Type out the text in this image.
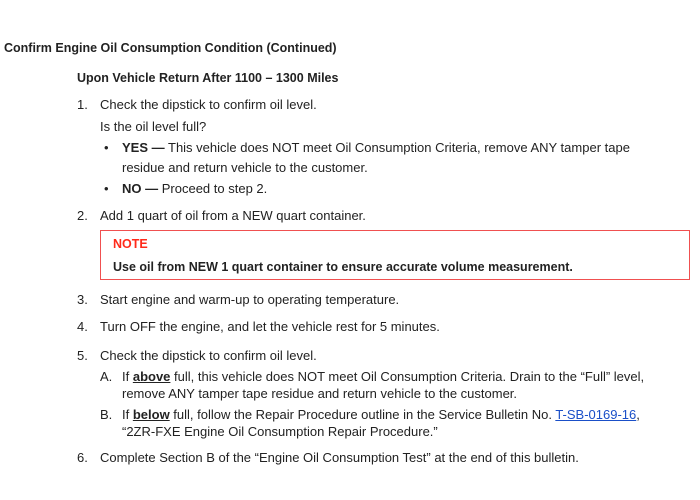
Confirm Engine Oil Consumption Condition (Continued)
Upon Vehicle Return After 1100 – 1300 Miles
1. Check the dipstick to confirm oil level.
Is the oil level full?
• YES — This vehicle does NOT meet Oil Consumption Criteria, remove ANY tamper tape
residue and return vehicle to the customer.
• NO — Proceed to step 2.
2. Add 1 quart of oil from a NEW quart container.
NOTE
Use oil from NEW 1 quart container to ensure accurate volume measurement.
3. Start engine and warm-up to operating temperature.
4. Turn OFF the engine, and let the vehicle rest for 5 minutes.
5. Check the dipstick to confirm oil level.
A. If above full, this vehicle does NOT meet Oil Consumption Criteria. Drain to the “Full” level,
remove ANY tamper tape residue and return vehicle to the customer.
B. If below full, follow the Repair Procedure outline in the Service Bulletin No. T-SB-0169-16,
“2ZR-FXE Engine Oil Consumption Repair Procedure.”
6. Complete Section B of the “Engine Oil Consumption Test” at the end of this bulletin.
